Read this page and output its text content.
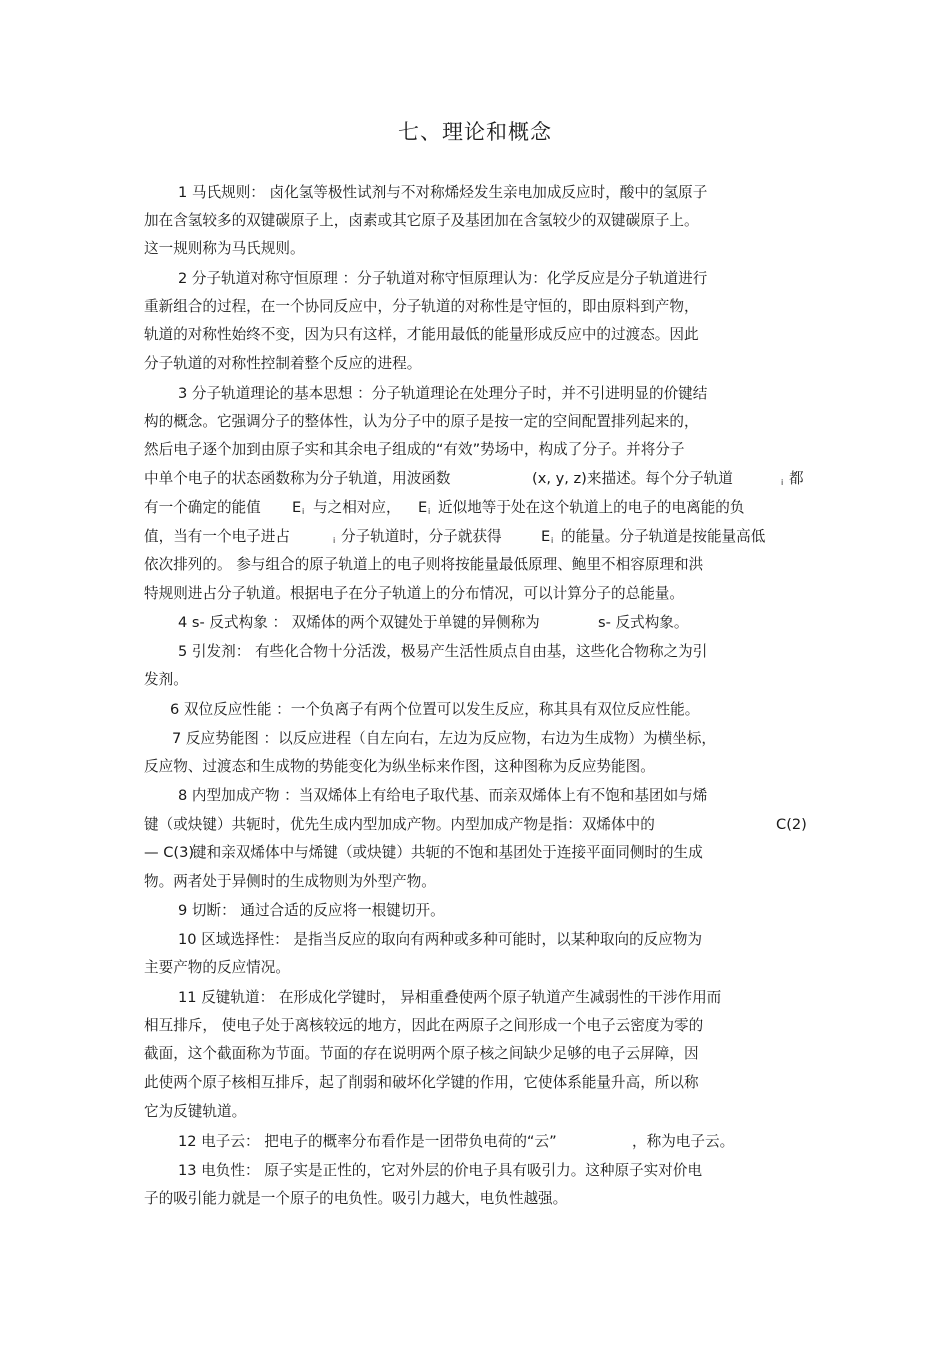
七、理论和概念
1 马氏规则： 卤化氢等极性试剂与不对称烯烃发生亲电加成反应时，酸中的氢原子
加在含氢较多的双键碳原子上，卤素或其它原子及基团加在含氢较少的双键碳原子上。
这一规则称为马氏规则。
2 分子轨道对称守恒原理 ：分子轨道对称守恒原理认为：化学反应是分子轨道进行
重新组合的过程，在一个协同反应中，分子轨道的对称性是守恒的，即由原料到产物，
轨道的对称性始终不变，因为只有这样，才能用最低的能量形成反应中的过渡态。因此
分子轨道的对称性控制着整个反应的进程。
3 分子轨道理论的基本思想 ：分子轨道理论在处理分子时，并不引进明显的价键结
构的概念。它强调分子的整体性，认为分子中的原子是按一定的空间配置排列起来的，
然后电子逐个加到由原子实和其余电子组成的“有效”势场中，构成了分子。并将分子
中单个电子的状态函数称为分子轨道，用波函数	(x, y, z)来描述。每个分子轨道	i 都
有一个确定的能值 E i 与之相对应， E i 近似地等于处在这个轨道上的电子的电离能的负
值，当有一个电子进占	i 分子轨道时，分子就获得	E i 的能量。分子轨道是按能量高低
依次排列的。 参与组合的原子轨道上的电子则将按能量最低原理、鲍里不相容原理和洪
特规则进占分子轨道。根据电子在分子轨道上的分布情况，可以计算分子的总能量。
4 s- 反式构象 ： 双烯体的两个双键处于单键的异侧称为	s- 反式构象。
5 引发剂： 有些化合物十分活泼，极易产生活性质点自由基，这些化合物称之为引
发剂。
6 双位反应性能 ：一个负离子有两个位置可以发生反应，称其具有双位反应性能。
7 反应势能图 ：以反应进程（自左向右，左边为反应物，右边为生成物）为横坐标，
反应物、过渡态和生成物的势能变化为纵坐标来作图，这种图称为反应势能图。
8 内型加成产物 ：当双烯体上有给电子取代基、而亲双烯体上有不饱和基团如与烯
键（或炔键）共轭时，优先生成内型加成产物。内型加成产物是指：双烯体中的	C(2)
— C(3)
键和亲双烯体中与烯键（或炔键）共轭的不饱和基团处于连接平面同侧时的生成
物。两者处于异侧时的生成物则为外型产物。
9 切断： 通过合适的反应将一根键切开。
10 区域选择性： 是指当反应的取向有两种或多种可能时，以某种取向的反应物为
主要产物的反应情况。
11 反键轨道： 在形成化学键时， 异相重叠使两个原子轨道产生减弱性的干涉作用而
相互排斥， 使电子处于离核较远的地方，因此在两原子之间形成一个电子云密度为零的
截面，这个截面称为节面。节面的存在说明两个原子核之间缺少足够的电子云屏障，因
此使两个原子核相互排斥，起了削弱和破坏化学键的作用，它使体系能量升高，所以称
它为反键轨道。
12 电子云： 把电子的概率分布看作是一团带负电荷的“云”	，称为电子云。
13 电负性： 原子实是正性的，它对外层的价电子具有吸引力。这种原子实对价电
子的吸引能力就是一个原子的电负性。吸引力越大，电负性越强。
